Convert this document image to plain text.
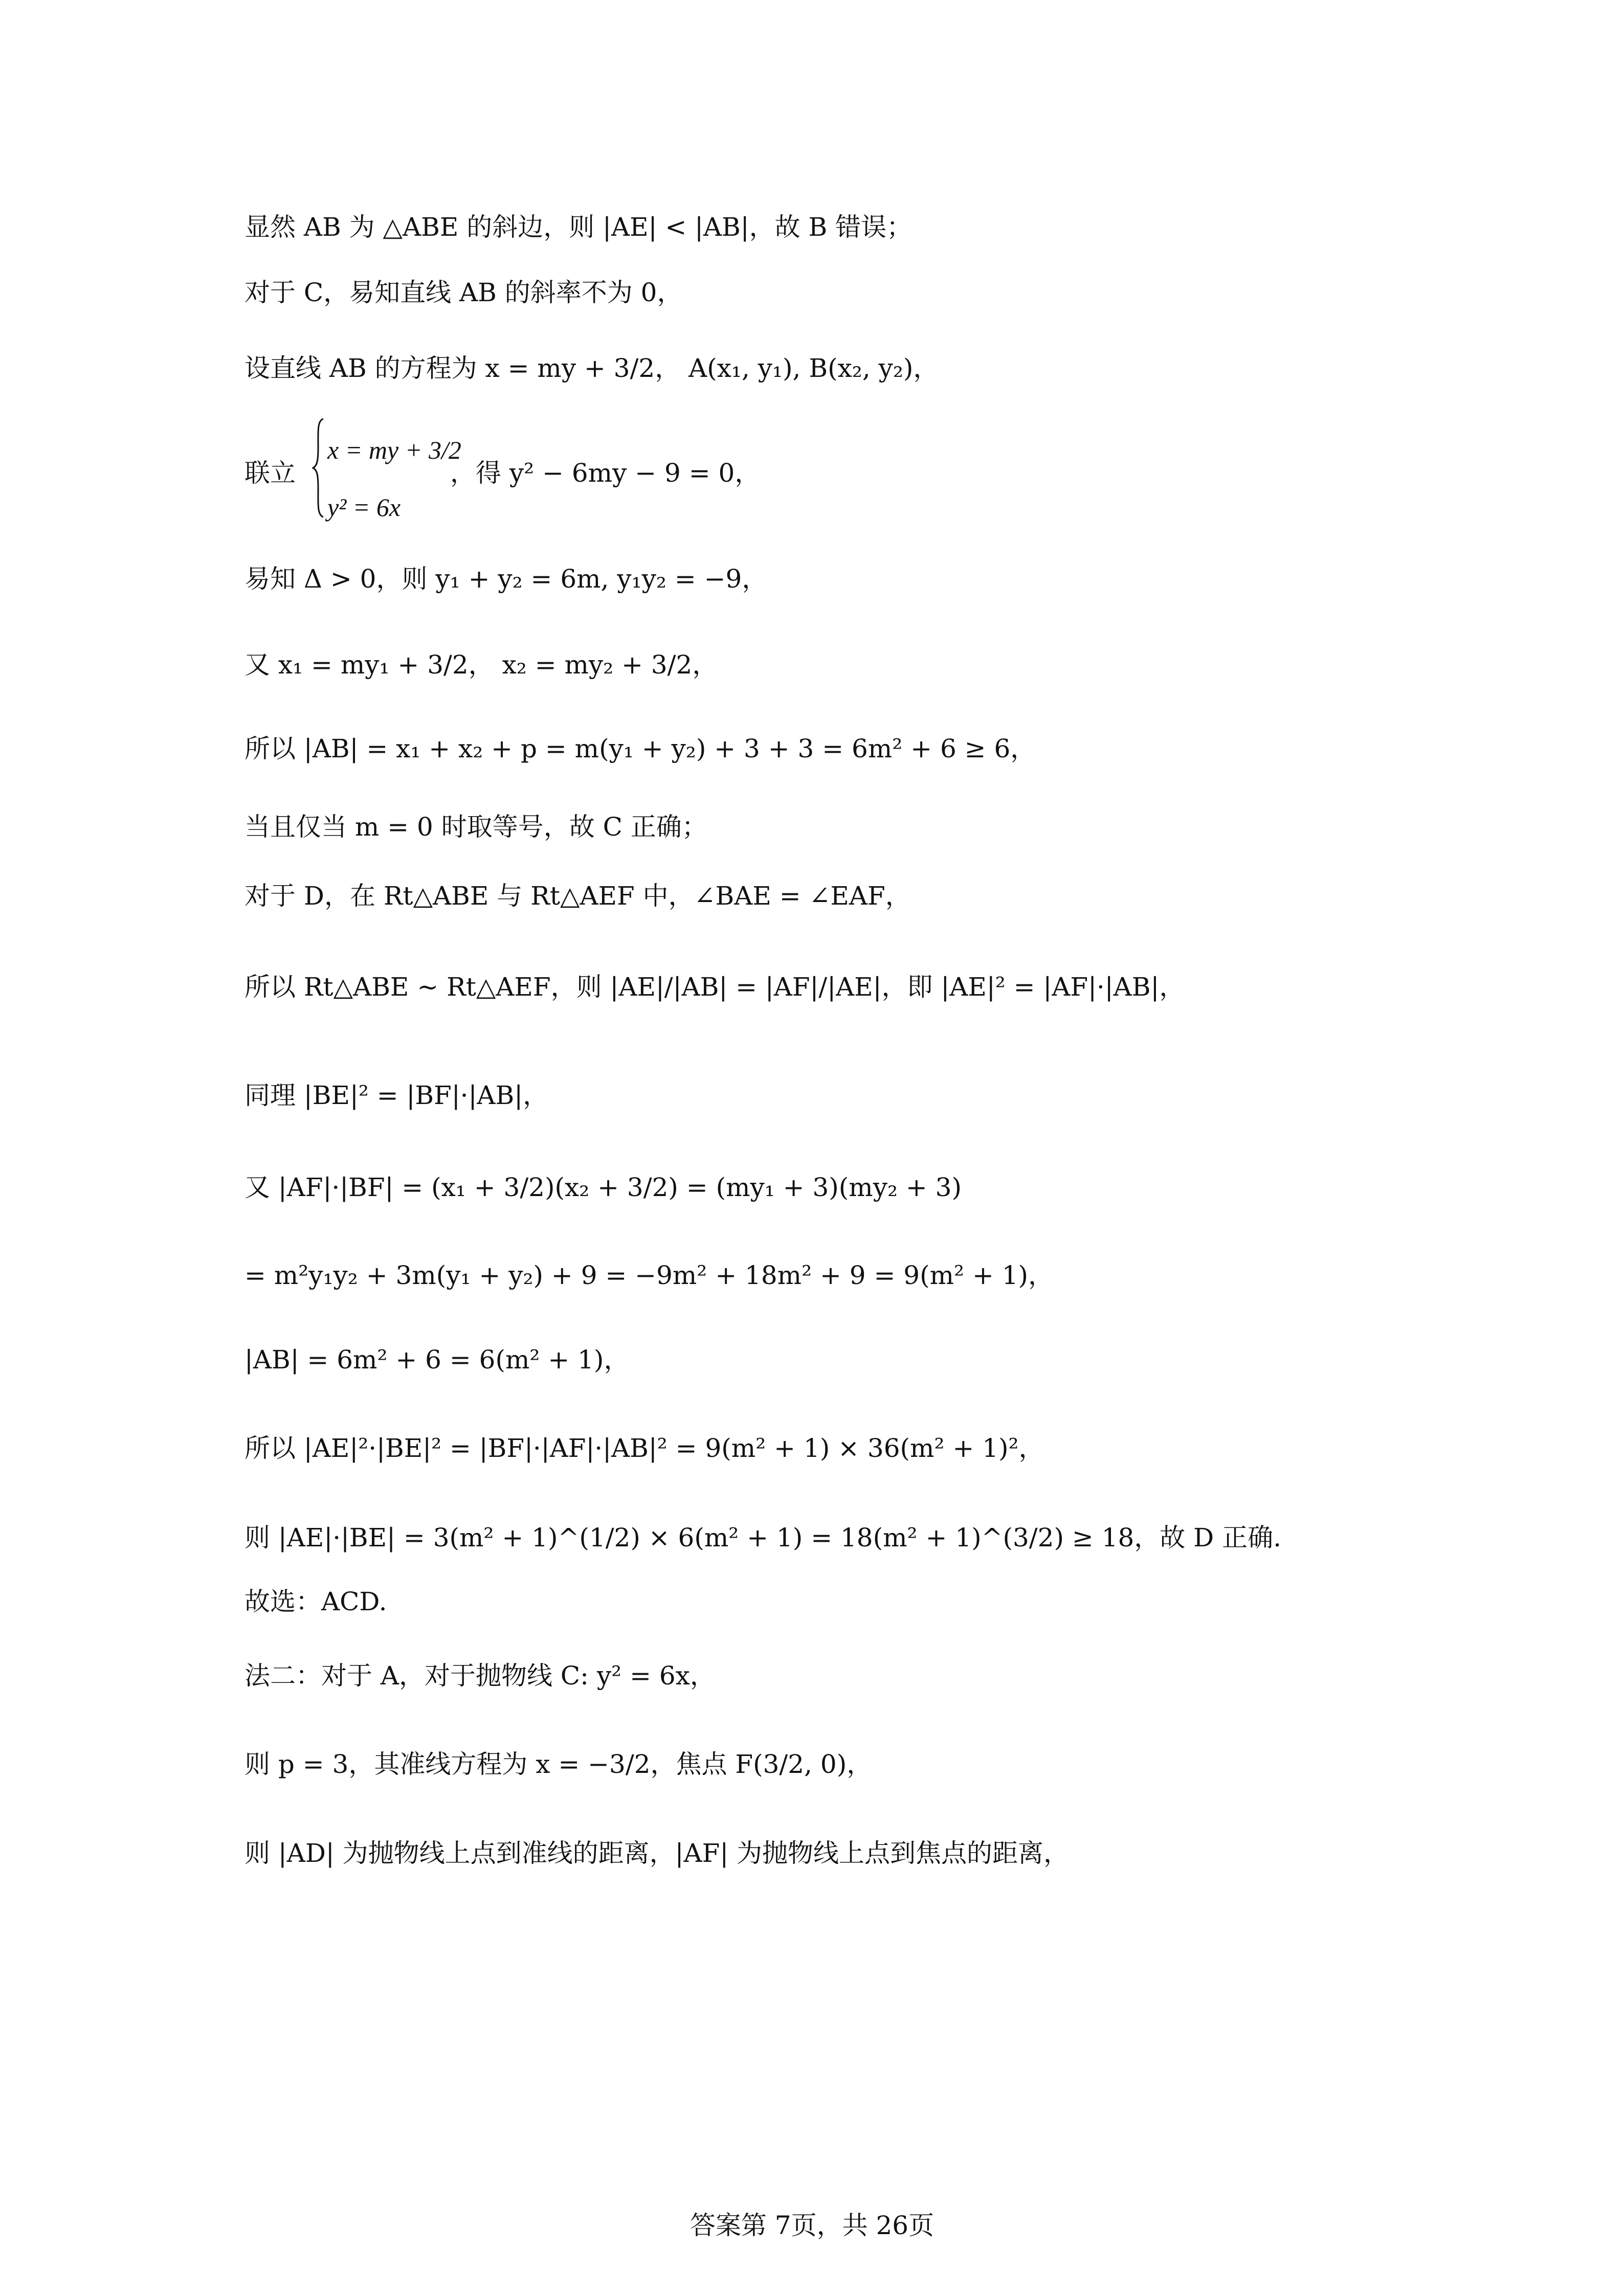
显然 AB 为 △ABE 的斜边，则 |AE| < |AB|，故 B 错误；
对于 C，易知直线 AB 的斜率不为 0，
设直线 AB 的方程为 x = my + 3/2， A(x₁, y₁), B(x₂, y₂)，
联立
x = my + 3/2
y² = 6x
，得 y² − 6my − 9 = 0，
易知 Δ > 0，则 y₁ + y₂ = 6m, y₁y₂ = −9，
又 x₁ = my₁ + 3/2， x₂ = my₂ + 3/2，
所以 |AB| = x₁ + x₂ + p = m(y₁ + y₂) + 3 + 3 = 6m² + 6 ≥ 6，
当且仅当 m = 0 时取等号，故 C 正确；
对于 D，在 Rt△ABE 与 Rt△AEF 中，∠BAE = ∠EAF，
所以 Rt△ABE ∼ Rt△AEF，则 |AE|/|AB| = |AF|/|AE|，即 |AE|² = |AF|·|AB|，
同理 |BE|² = |BF|·|AB|，
又 |AF|·|BF| = (x₁ + 3/2)(x₂ + 3/2) = (my₁ + 3)(my₂ + 3)
= m²y₁y₂ + 3m(y₁ + y₂) + 9 = −9m² + 18m² + 9 = 9(m² + 1)，
|AB| = 6m² + 6 = 6(m² + 1)，
所以 |AE|²·|BE|² = |BF|·|AF|·|AB|² = 9(m² + 1) × 36(m² + 1)²，
则 |AE|·|BE| = 3(m² + 1)^(1/2) × 6(m² + 1) = 18(m² + 1)^(3/2) ≥ 18，故 D 正确.
故选：ACD.
法二：对于 A，对于抛物线 C: y² = 6x，
则 p = 3，其准线方程为 x = −3/2，焦点 F(3/2, 0)，
则 |AD| 为抛物线上点到准线的距离，|AF| 为抛物线上点到焦点的距离，
答案第 7页，共 26页
